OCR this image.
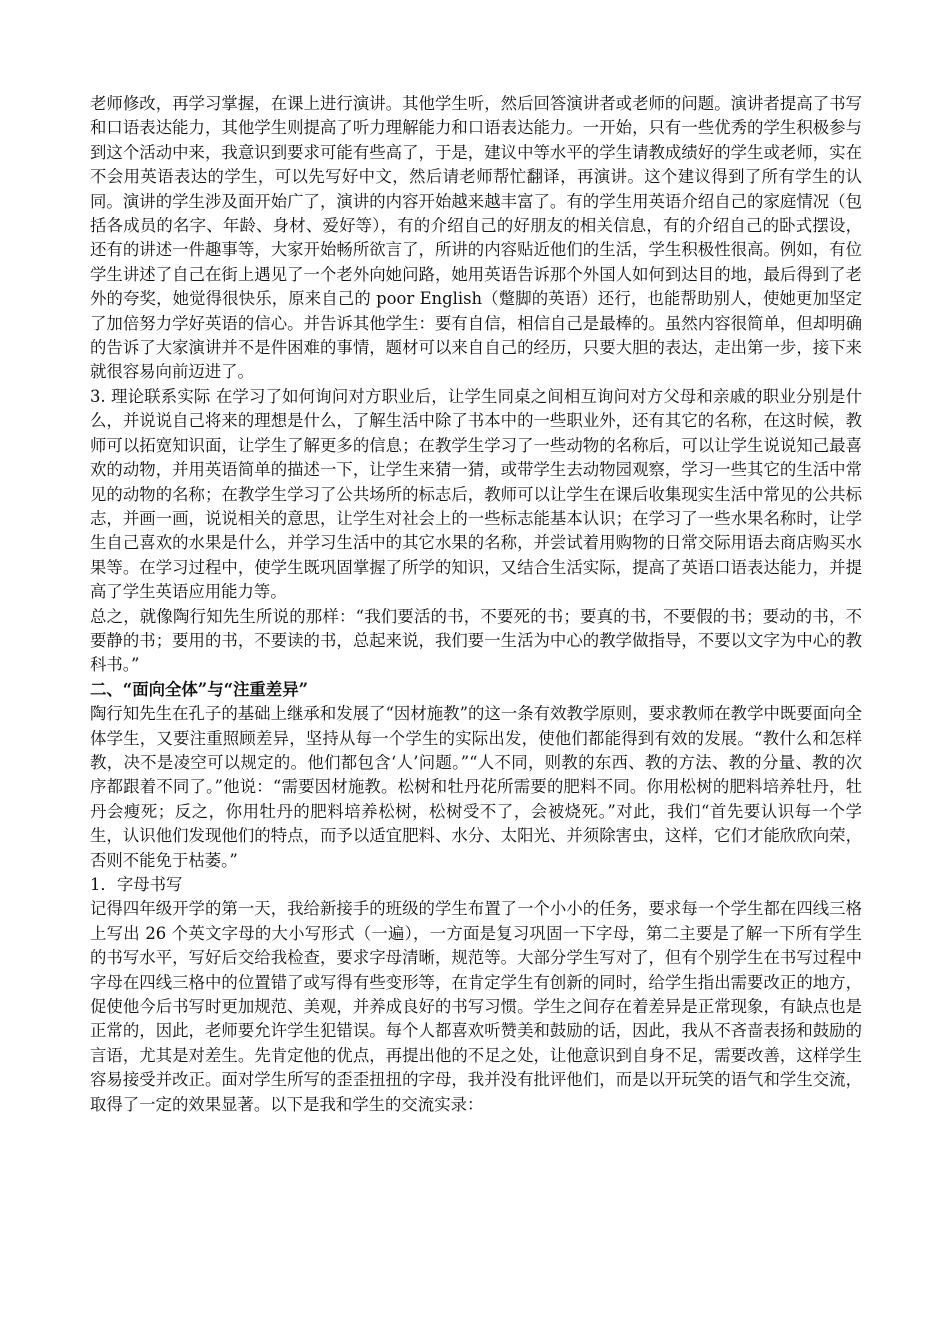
老师修改，再学习掌握，在课上进行演讲。其他学生听，然后回答演讲者或老师的问题。演讲者提高了书写和口语表达能力，其他学生则提高了听力理解能力和口语表达能力。一开始，只有一些优秀的学生积极参与到这个活动中来，我意识到要求可能有些高了，于是，建议中等水平的学生请教成绩好的学生或老师，实在不会用英语表达的学生，可以先写好中文，然后请老师帮忙翻译，再演讲。这个建议得到了所有学生的认同。演讲的学生涉及面开始广了，演讲的内容开始越来越丰富了。有的学生用英语介绍自己的家庭情况（包括各成员的名字、年龄、身材、爱好等），有的介绍自己的好朋友的相关信息，有的介绍自己的卧式摆设，还有的讲述一件趣事等，大家开始畅所欲言了，所讲的内容贴近他们的生活，学生积极性很高。例如，有位学生讲述了自己在街上遇见了一个老外向她问路，她用英语告诉那个外国人如何到达目的地，最后得到了老外的夸奖，她觉得很快乐，原来自己的 poor English（蹩脚的英语）还行，也能帮助别人，使她更加坚定了加倍努力学好英语的信心。并告诉其他学生：要有自信，相信自己是最棒的。虽然内容很简单，但却明确的告诉了大家演讲并不是件困难的事情，题材可以来自自己的经历，只要大胆的表达，走出第一步，接下来就很容易向前迈进了。

3. 理论联系实际 在学习了如何询问对方职业后，让学生同桌之间相互询问对方父母和亲戚的职业分别是什么，并说说自己将来的理想是什么，了解生活中除了书本中的一些职业外，还有其它的名称，在这时候，教师可以拓宽知识面，让学生了解更多的信息；在教学生学习了一些动物的名称后，可以让学生说说知己最喜欢的动物，并用英语简单的描述一下，让学生来猜一猜，或带学生去动物园观察，学习一些其它的生活中常见的动物的名称；在教学生学习了公共场所的标志后，教师可以让学生在课后收集现实生活中常见的公共标志，并画一画，说说相关的意思，让学生对社会上的一些标志能基本认识；在学习了一些水果名称时，让学生自己喜欢的水果是什么，并学习生活中的其它水果的名称，并尝试着用购物的日常交际用语去商店购买水果等。在学习过程中，使学生既巩固掌握了所学的知识，又结合生活实际，提高了英语口语表达能力，并提高了学生英语应用能力等。

总之，就像陶行知先生所说的那样：“我们要活的书，不要死的书；要真的书，不要假的书；要动的书，不要静的书；要用的书，不要读的书，总起来说，我们要一生活为中心的教学做指导，不要以文字为中心的教科书。”

二、“面向全体”与“注重差异”

陶行知先生在孔子的基础上继承和发展了“因材施教”的这一条有效教学原则，要求教师在教学中既要面向全体学生，又要注重照顾差异，坚持从每一个学生的实际出发，使他们都能得到有效的发展。“教什么和怎样教，决不是凌空可以规定的。他们都包含‘人’问题。”“人不同，则教的东西、教的方法、教的分量、教的次序都跟着不同了。”他说：“需要因材施教。松树和牡丹花所需要的肥料不同。你用松树的肥料培养牡丹，牡丹会瘦死；反之，你用牡丹的肥料培养松树，松树受不了，会被烧死。”对此，我们“首先要认识每一个学生，认识他们发现他们的特点，而予以适宜肥料、水分、太阳光、并须除害虫，这样，它们才能欣欣向荣，否则不能免于枯萎。”

1．字母书写

记得四年级开学的第一天，我给新接手的班级的学生布置了一个小小的任务，要求每一个学生都在四线三格上写出 26 个英文字母的大小写形式（一遍），一方面是复习巩固一下字母，第二主要是了解一下所有学生的书写水平，写好后交给我检查，要求字母清晰，规范等。大部分学生写对了，但有个别学生在书写过程中字母在四线三格中的位置错了或写得有些变形等，在肯定学生有创新的同时，给学生指出需要改正的地方，促使他今后书写时更加规范、美观，并养成良好的书写习惯。学生之间存在着差异是正常现象，有缺点也是正常的，因此，老师要允许学生犯错误。每个人都喜欢听赞美和鼓励的话，因此，我从不吝啬表扬和鼓励的言语，尤其是对差生。先肯定他的优点，再提出他的不足之处，让他意识到自身不足，需要改善，这样学生容易接受并改正。面对学生所写的歪歪扭扭的字母，我并没有批评他们，而是以开玩笑的语气和学生交流，取得了一定的效果显著。以下是我和学生的交流实录：
